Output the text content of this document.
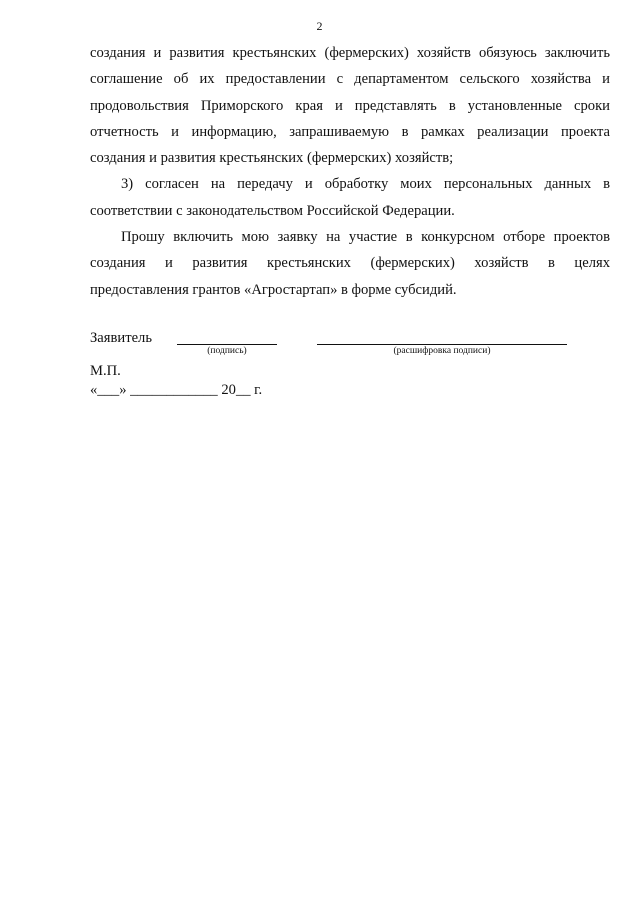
2

создания и развития крестьянских (фермерских) хозяйств обязуюсь заключить
соглашение об их предоставлении с департаментом сельского хозяйства и
продовольствия Приморского края и представлять в установленные сроки
отчетность и информацию, запрашиваемую в рамках реализации проекта
создания и развития крестьянских (фермерских) хозяйств;

3) согласен на передачу и обработку моих персональных данных в
соответствии с законодательством Российской Федерации.

Прошу включить мою заявку на участие в конкурсном отборе проектов
создания и развития крестьянских (фермерских) хозяйств в целях
предоставления грантов «Агростартап» в форме субсидий.

Заявитель
(подпись)	(расшифровка подписи)
М.П.
«___» ____________ 20__ г.
